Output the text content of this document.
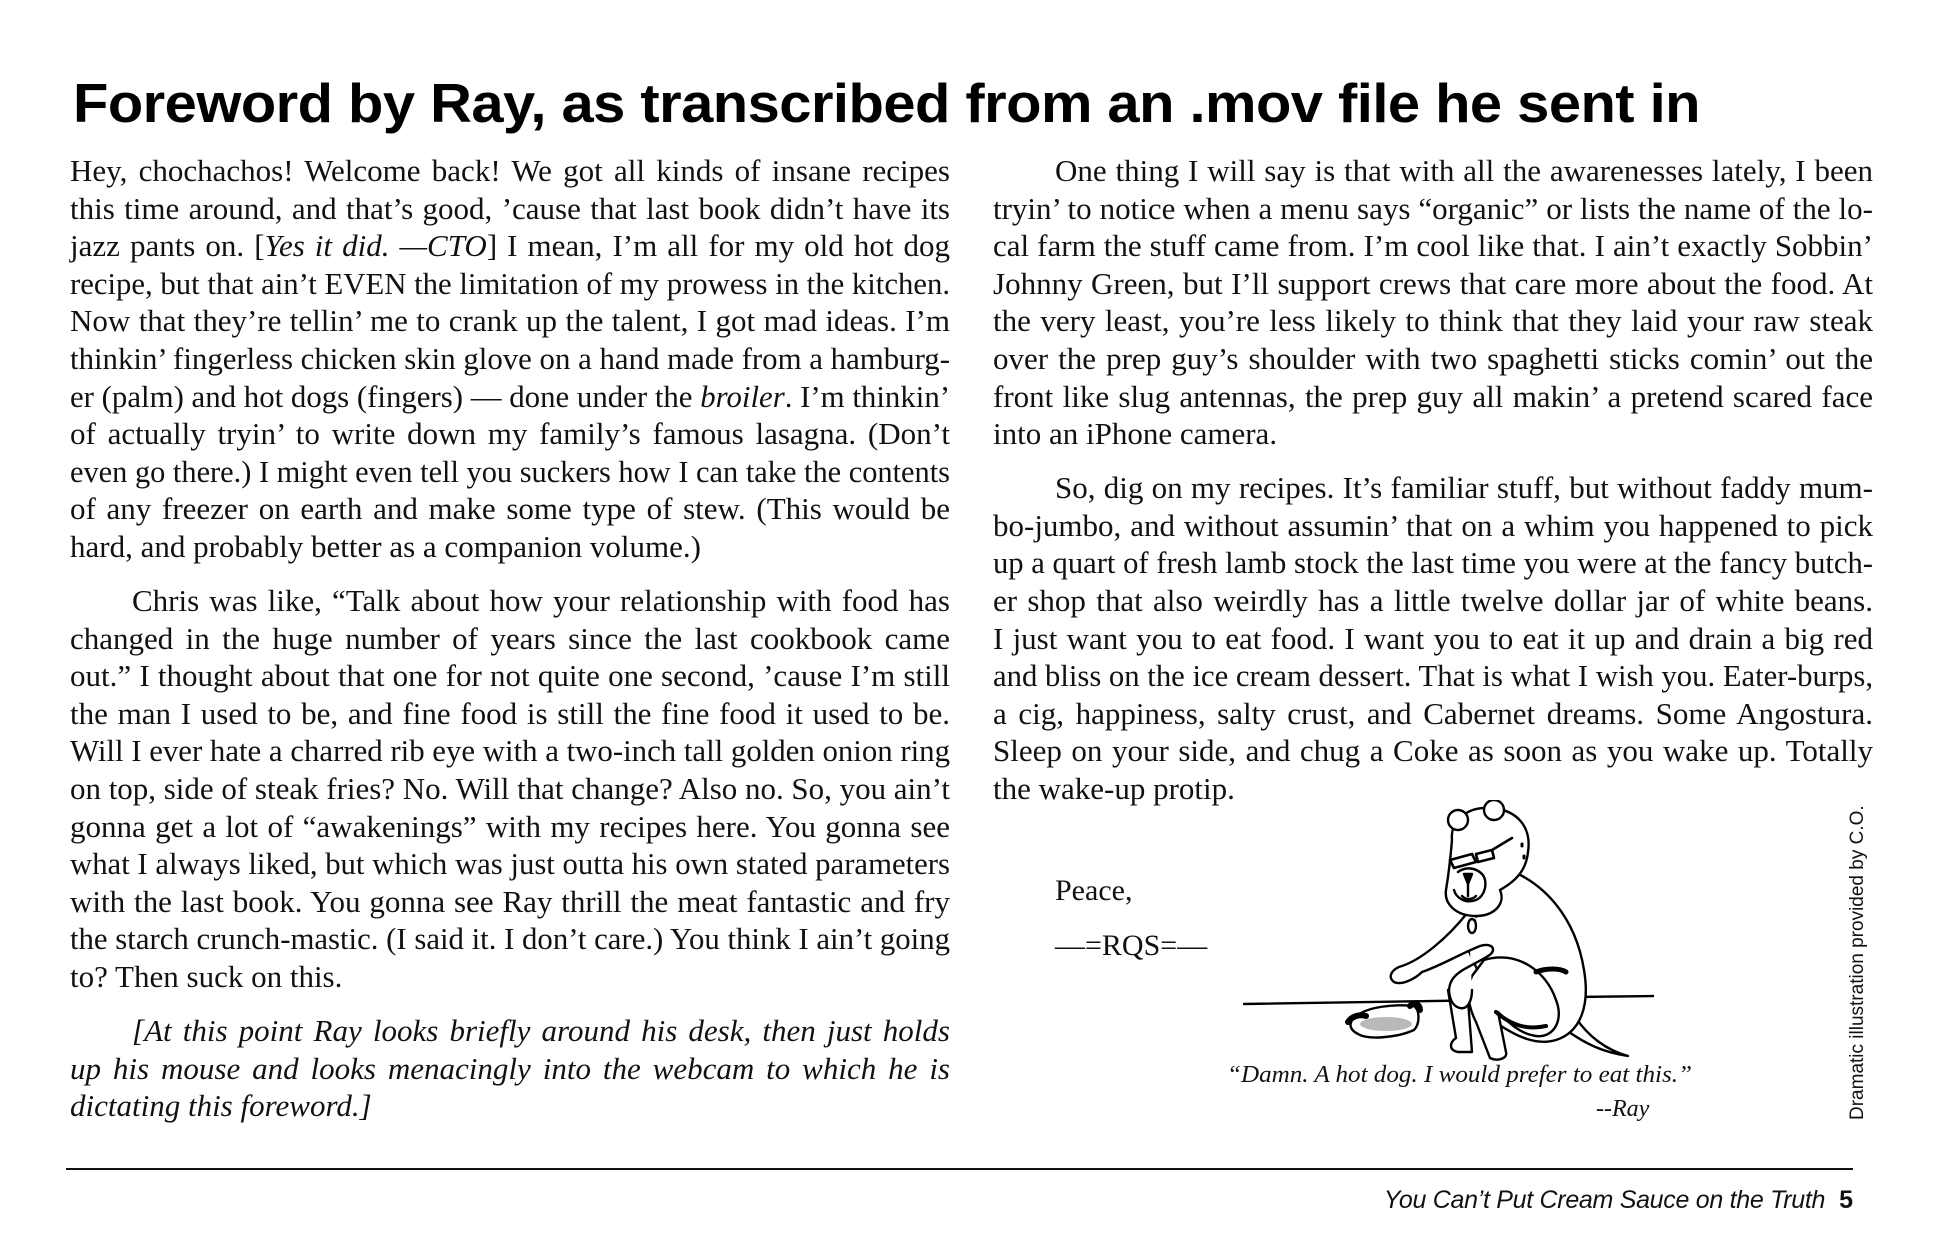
Foreword by Ray, as transcribed from an .mov file he sent in
Hey, chochachos! Welcome back! We got all kinds of insane recipes
this time around, and that’s good, ’cause that last book didn’t have its
jazz pants on. [Yes it did. —CTO] I mean, I’m all for my old hot dog
recipe, but that ain’t EVEN the limitation of my prowess in the kitchen.
Now that they’re tellin’ me to crank up the talent, I got mad ideas. I’m
thinkin’ fingerless chicken skin glove on a hand made from a hamburg-
er (palm) and hot dogs (fingers) — done under the broiler. I’m thinkin’
of actually tryin’ to write down my family’s famous lasagna. (Don’t
even go there.) I might even tell you suckers how I can take the contents
of any freezer on earth and make some type of stew. (This would be
hard, and probably better as a companion volume.)
Chris was like, “Talk about how your relationship with food has
changed in the huge number of years since the last cookbook came
out.” I thought about that one for not quite one second, ’cause I’m still
the man I used to be, and fine food is still the fine food it used to be.
Will I ever hate a charred rib eye with a two-inch tall golden onion ring
on top, side of steak fries? No. Will that change? Also no. So, you ain’t
gonna get a lot of “awakenings” with my recipes here. You gonna see
what I always liked, but which was just outta his own stated parameters
with the last book. You gonna see Ray thrill the meat fantastic and fry
the starch crunch-mastic. (I said it. I don’t care.) You think I ain’t going
to? Then suck on this.
[At this point Ray looks briefly around his desk, then just holds
up his mouse and looks menacingly into the webcam to which he is
dictating this foreword.]
One thing I will say is that with all the awarenesses lately, I been
tryin’ to notice when a menu says “organic” or lists the name of the lo-
cal farm the stuff came from. I’m cool like that. I ain’t exactly Sobbin’
Johnny Green, but I’ll support crews that care more about the food. At
the very least, you’re less likely to think that they laid your raw steak
over the prep guy’s shoulder with two spaghetti sticks comin’ out the
front like slug antennas, the prep guy all makin’ a pretend scared face
into an iPhone camera.
So, dig on my recipes. It’s familiar stuff, but without faddy mum-
bo-jumbo, and without assumin’ that on a whim you happened to pick
up a quart of fresh lamb stock the last time you were at the fancy butch-
er shop that also weirdly has a little twelve dollar jar of white beans.
I just want you to eat food. I want you to eat it up and drain a big red
and bliss on the ice cream dessert. That is what I wish you. Eater-burps,
a cig, happiness, salty crust, and Cabernet dreams. Some Angostura.
Sleep on your side, and chug a Coke as soon as you wake up. Totally
the wake-up protip.
Peace,
—=RQS=—
“Damn. A hot dog. I would prefer to eat this.”
--Ray	Dramatic illustration provided by C.O.
You Can’t Put Cream Sauce on the Truth 5
